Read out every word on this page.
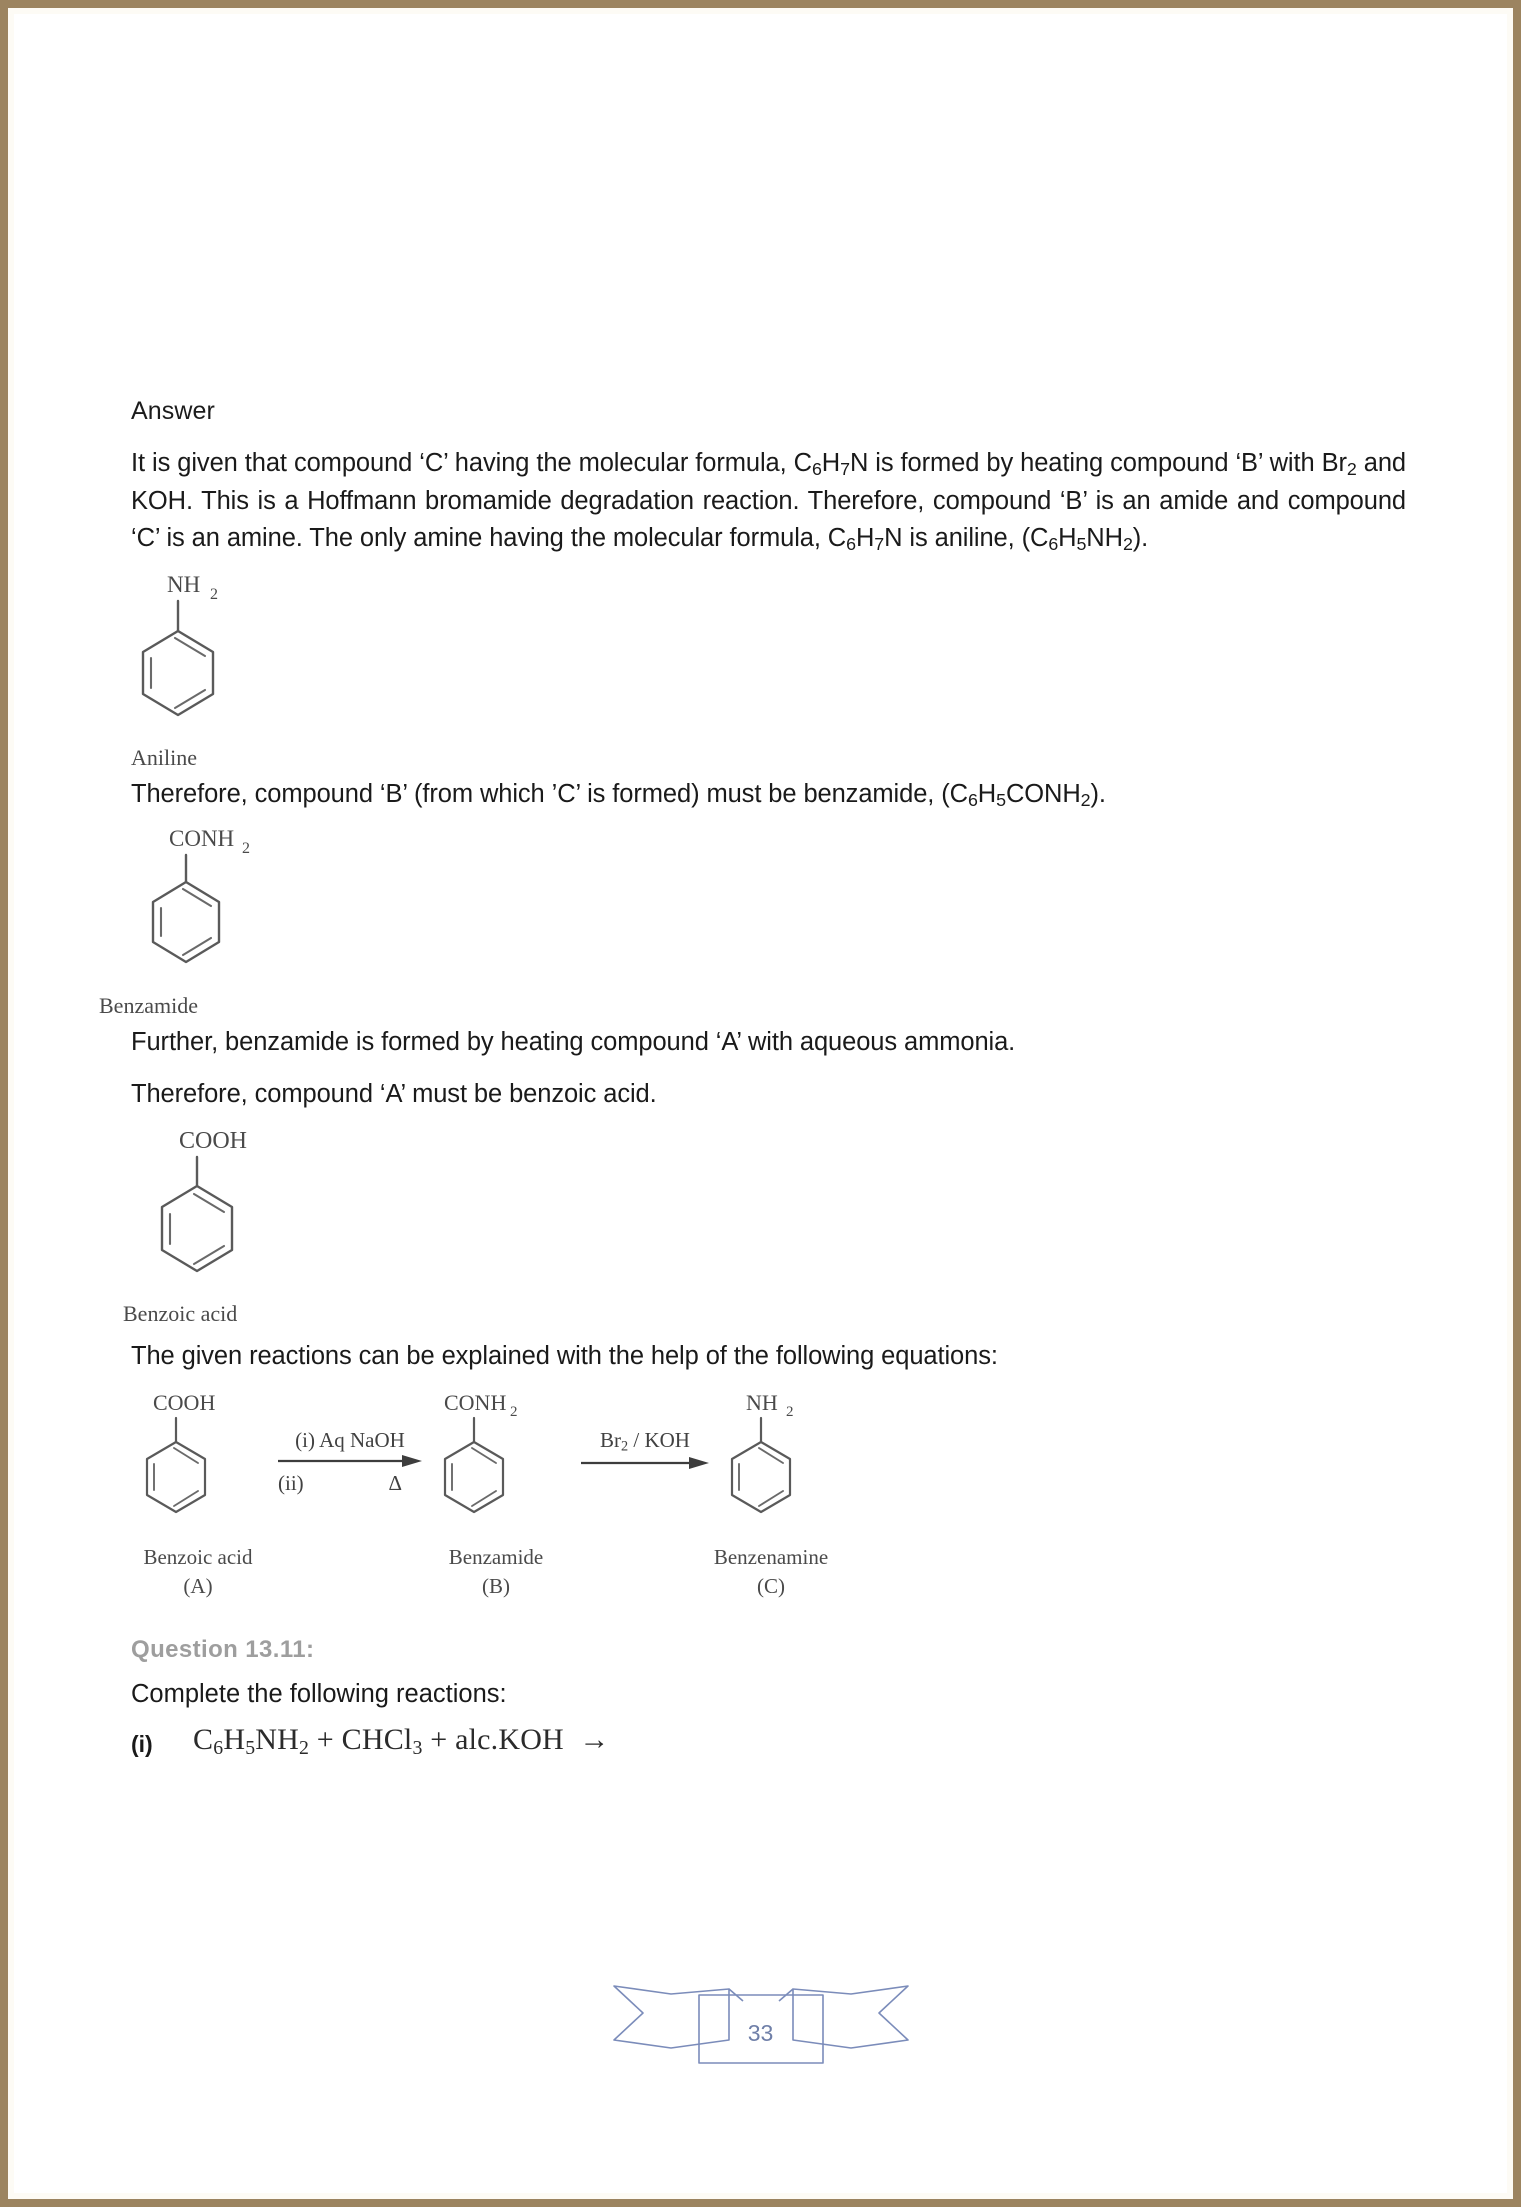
Answer

It is given that compound ‘C’ having the molecular formula, $C_6H_7N$ is formed by heating compound ‘B’ with $Br_2$ and KOH. This is a Hoffmann bromamide degradation reaction. Therefore, compound ‘B’ is an amide and compound ‘C’ is an amine. The only amine having the molecular formula, $C_6H_7N$ is aniline, $(C_6H_5NH_2)$.

NH 2
Aniline

Therefore, compound ‘B’ (from which ’C’ is formed) must be benzamide, $(C_6H_5CONH_2)$.

CONH 2
Benzamide

Further, benzamide is formed by heating compound ‘A’ with aqueous ammonia.

Therefore, compound ‘A’ must be benzoic acid.

COOH
Benzoic acid

The given reactions can be explained with the help of the following equations:

COOH
Benzoic acid
(A)
(i) Aq NaOH
(ii)	Δ
CONH 2
Benzamide
(B)
$Br_2$ / KOH
NH 2
Benzenamine
(C)
Question 13.11:
Complete the following reactions:
(i)	$C_6H_5NH_2$ + CHCl$_3$ + alc.KOH  →
33
